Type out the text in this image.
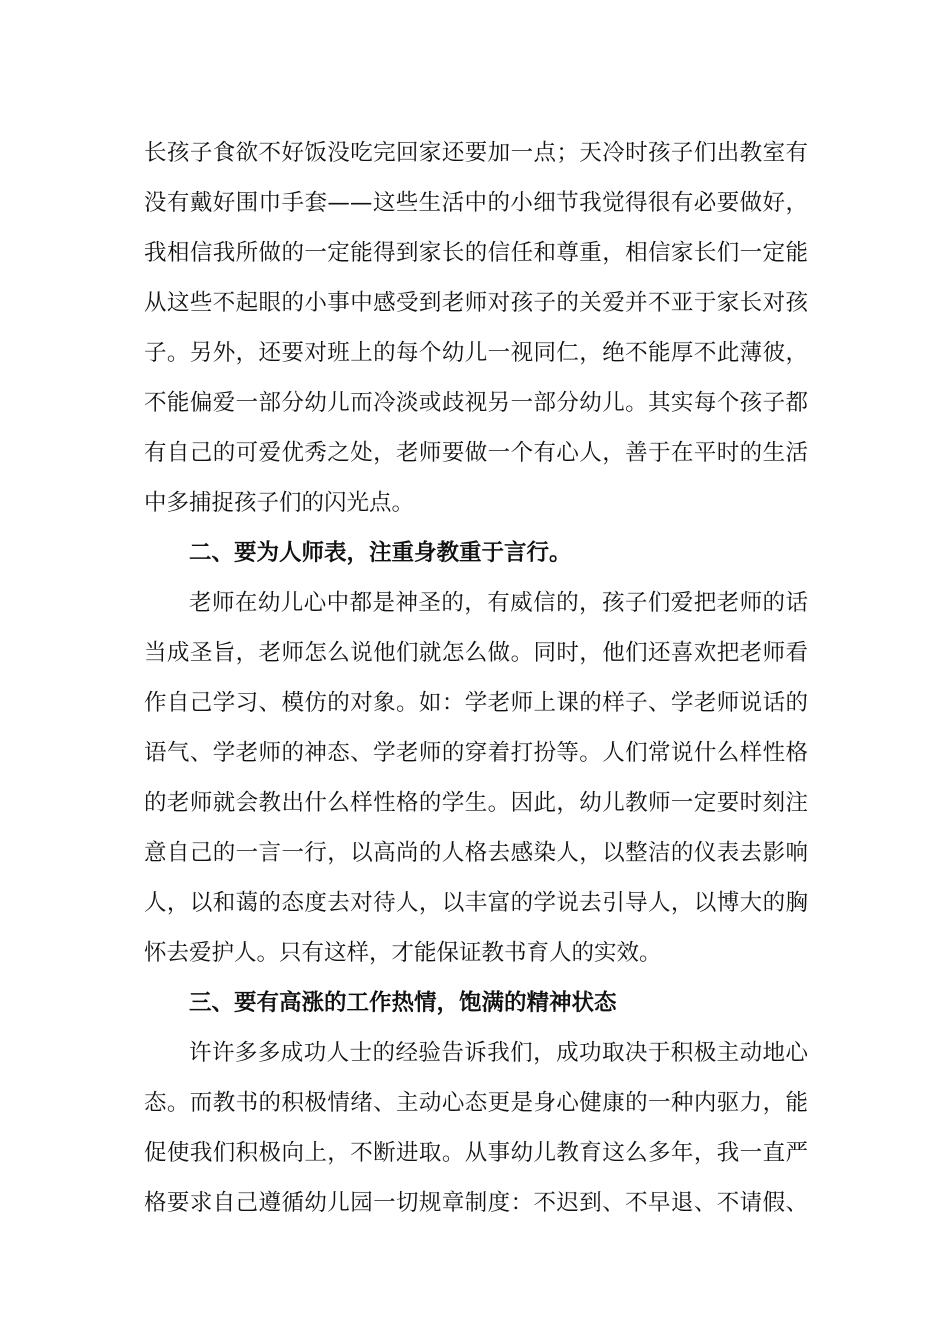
长孩子食欲不好饭没吃完回家还要加一点；天冷时孩子们出教室有
没有戴好围巾手套——这些生活中的小细节我觉得很有必要做好，
我相信我所做的一定能得到家长的信任和尊重，相信家长们一定能
从这些不起眼的小事中感受到老师对孩子的关爱并不亚于家长对孩
子。另外，还要对班上的每个幼儿一视同仁，绝不能厚不此薄彼，
不能偏爱一部分幼儿而冷淡或歧视另一部分幼儿。其实每个孩子都
有自己的可爱优秀之处，老师要做一个有心人，善于在平时的生活
中多捕捉孩子们的闪光点。
二、要为人师表，注重身教重于言行。
老师在幼儿心中都是神圣的，有威信的，孩子们爱把老师的话
当成圣旨，老师怎么说他们就怎么做。同时，他们还喜欢把老师看
作自己学习、模仿的对象。如：学老师上课的样子、学老师说话的
语气、学老师的神态、学老师的穿着打扮等。人们常说什么样性格
的老师就会教出什么样性格的学生。因此，幼儿教师一定要时刻注
意自己的一言一行，以高尚的人格去感染人，以整洁的仪表去影响
人，以和蔼的态度去对待人，以丰富的学说去引导人，以博大的胸
怀去爱护人。只有这样，才能保证教书育人的实效。
三、要有高涨的工作热情，饱满的精神状态
许许多多成功人士的经验告诉我们，成功取决于积极主动地心
态。而教书的积极情绪、主动心态更是身心健康的一种内驱力，能
促使我们积极向上，不断进取。从事幼儿教育这么多年，我一直严
格要求自己遵循幼儿园一切规章制度：不迟到、不早退、不请假、
